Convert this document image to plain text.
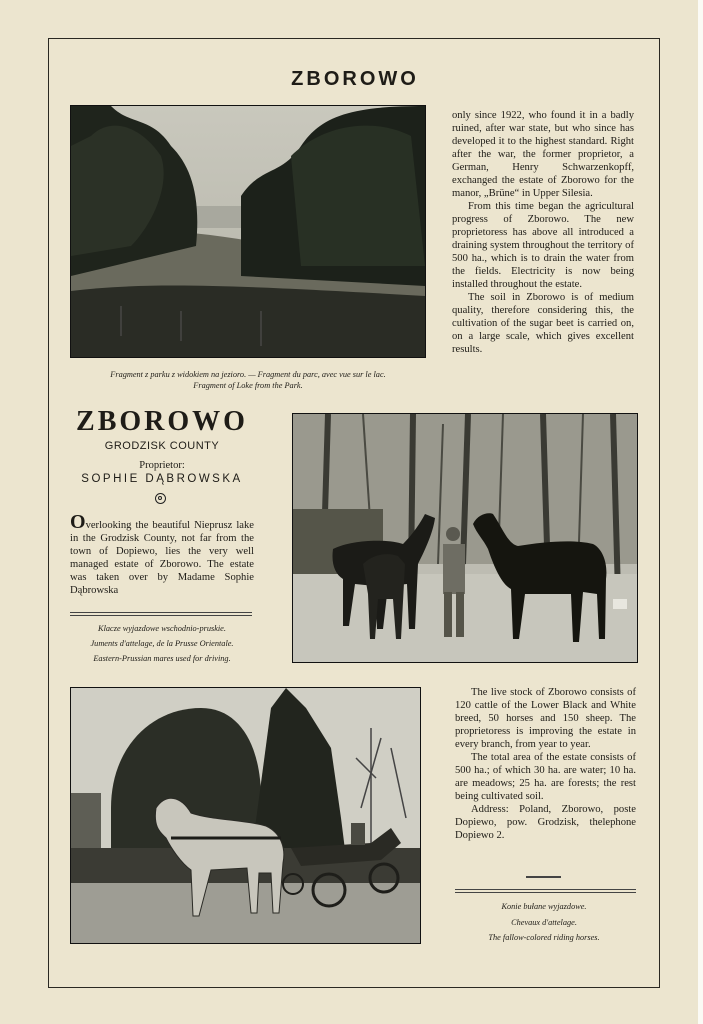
ZBOROWO
Fragment z parku z widokiem na jezioro. — Fragment du parc, avec vue sur le lac.
Fragment of Loke from the Park.

only since 1922, who found it in a badly ruined, after war state, but who since has developed it to the highest standard. Right after the war, the former proprietor, a German, Henry Schwarzenkopff, exchanged the estate of Zborowo for the manor, „Brüne“ in Upper Silesia.

From this time began the agricultural progress of Zborowo. The new proprietoress has above all introduced a draining system throughout the territory of 500 ha., which is to drain the water from the fields. Electricity is now being installed throughout the estate.

The soil in Zborowo is of medium quality, therefore considering this, the cultivation of the sugar beet is carried on, on a large scale, which gives excellent results.

ZBOROWO
GRODZISK COUNTY
Proprietor:
SOPHIE DĄBROWSKA
Overlooking the beautiful Nieprusz lake in the Grodzisk County, not far from the town of Dopiewo, lies the very well managed estate of Zborowo. The estate was taken over by Madame Sophie Dąbrowska
Klacze wyjazdowe wschodnio-pruskie.
Juments d'attelage, de la Prusse Orientale.
Eastern-Prussian mares used for driving.

The live stock of Zborowo consists of 120 cattle of the Lower Black and White breed, 50 horses and 150 sheep. The proprietoress is improving the estate in every branch, from year to year.

The total area of the estate consists of 500 ha.; of which 30 ha. are water; 10 ha. are meadows; 25 ha. are forests; the rest being cultivated soil.

Address: Poland, Zborowo, poste Dopiewo, pow. Grodzisk, thelephone Dopiewo 2.

Konie bułane wyjazdowe.
Chevaux d'attelage.
The fallow-colored riding horses.
